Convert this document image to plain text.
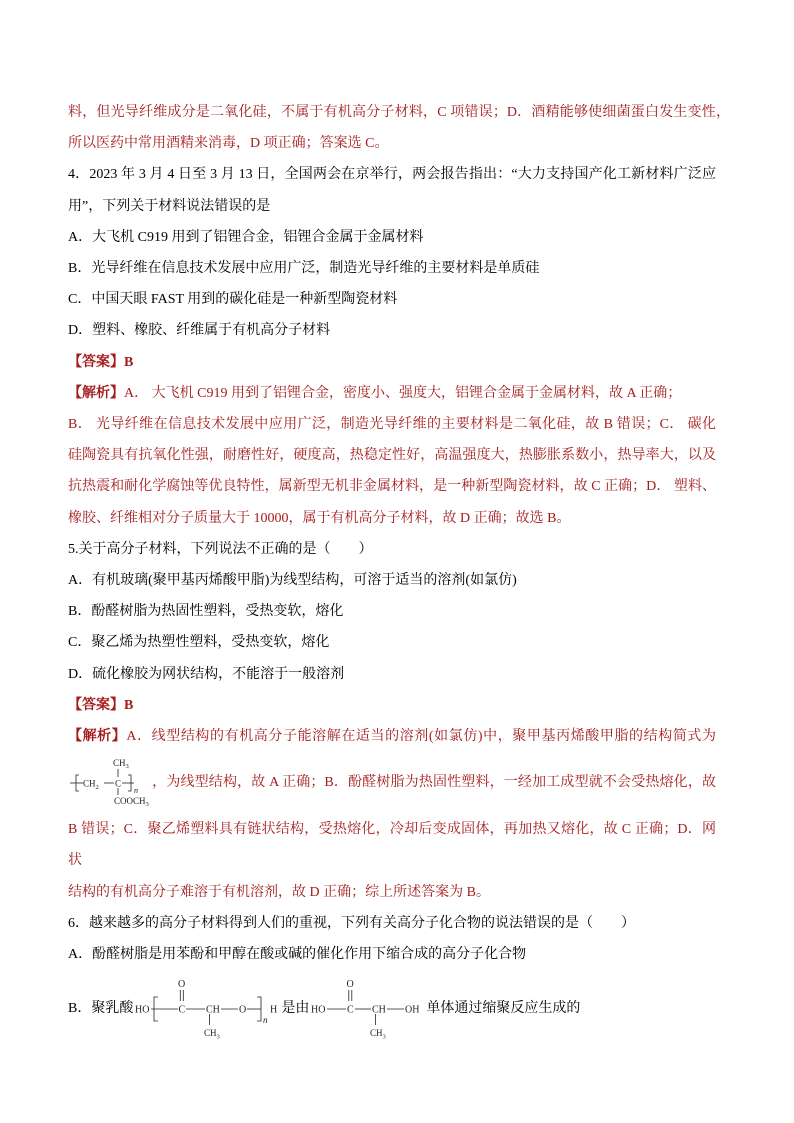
料，但光导纤维成分是二氧化硅，不属于有机高分子材料，C 项错误；D．酒精能够使细菌蛋白发生变性，
所以医药中常用酒精来消毒，D 项正确；答案选 C。
4．2023 年 3 月 4 日至 3 月 13 日，全国两会在京举行，两会报告指出：“大力支持国产化工新材料广泛应
用”，下列关于材料说法错误的是
A．大飞机 C919 用到了铝锂合金，铝锂合金属于金属材料
B．光导纤维在信息技术发展中应用广泛，制造光导纤维的主要材料是单质硅
C．中国天眼 FAST 用到的碳化硅是一种新型陶瓷材料
D．塑料、橡胶、纤维属于有机高分子材料
【答案】B
【解析】A． 大飞机 C919 用到了铝锂合金，密度小、强度大，铝锂合金属于金属材料，故 A 正确；
B． 光导纤维在信息技术发展中应用广泛，制造光导纤维的主要材料是二氧化硅，故 B 错误；C． 碳化
硅陶瓷具有抗氧化性强，耐磨性好，硬度高，热稳定性好，高温强度大，热膨胀系数小，热导率大，以及
抗热震和耐化学腐蚀等优良特性，属新型无机非金属材料，是一种新型陶瓷材料，故 C 正确；D． 塑料、
橡胶、纤维相对分子质量大于 10000，属于有机高分子材料，故 D 正确；故选 B。
5.关于高分子材料，下列说法不正确的是（　　）
A．有机玻璃(聚甲基丙烯酸甲脂)为线型结构，可溶于适当的溶剂(如氯仿)
B．酚醛树脂为热固性塑料，受热变软，熔化
C．聚乙烯为热塑性塑料，受热变软，熔化
D．硫化橡胶为网状结构，不能溶于一般溶剂
【答案】B
【解析】A．线型结构的有机高分子能溶解在适当的溶剂(如氯仿)中，聚甲基丙烯酸甲脂的结构简式为
$CH_2$ C
$CH_3$
$COOCH_3$
n
，为线型结构，故 A 正确；B．酚醛树脂为热固性塑料，一经加工成型就不会受热熔化，故
B 错误；C．聚乙烯塑料具有链状结构，受热熔化，冷却后变成固体，再加热又熔化，故 C 正确；D．网状
结构的有机高分子难溶于有机溶剂，故 D 正确；综上所述答案为 B。
6．越来越多的高分子材料得到人们的重视，下列有关高分子化合物的说法错误的是（　　）
A．酚醛树脂是用苯酚和甲醇在酸或碱的催化作用下缩合成的高分子化合物
B．聚乳酸 HO	C
O
CH
$CH_3$
O
n
H 是由 HO C
O
CH
$CH_3$
OH 单体通过缩聚反应生成的
